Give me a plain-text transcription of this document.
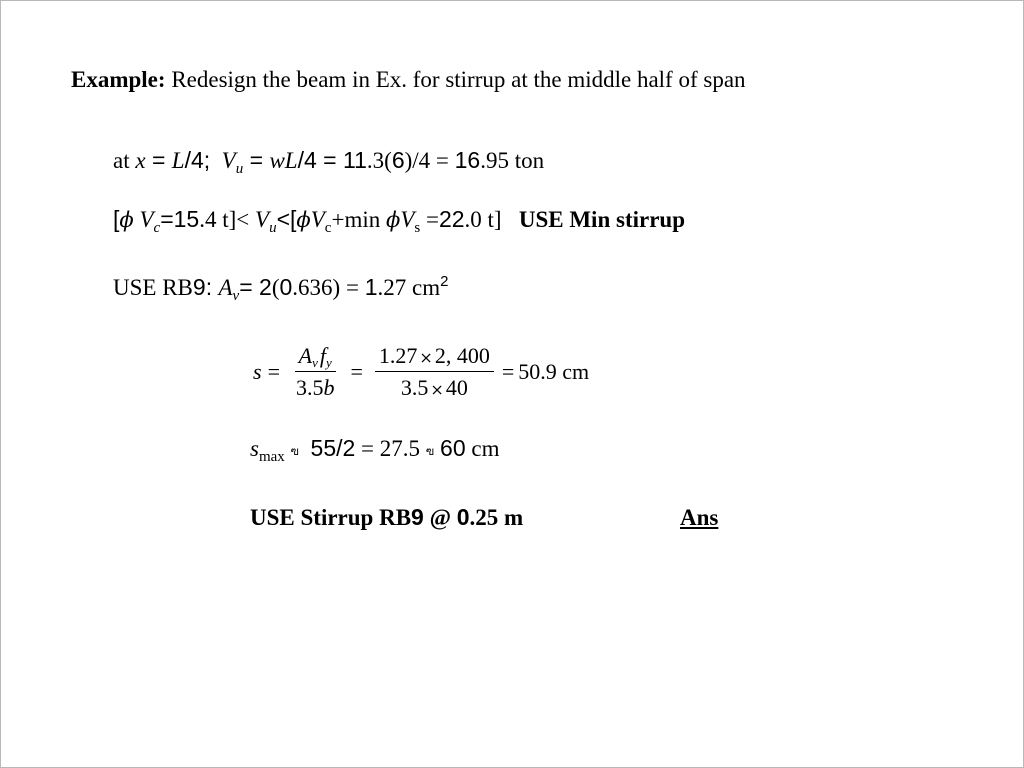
Example: Redesign the beam in Ex. for stirrup at the middle half of span
at x = L/4; $V_u = wL/4 = 11.3(6)/4 = 16.95$ ton
[ϕ $V_c=15.4$ $t]< V_u<[\phi V_c+\min$ $\phi V_s =22.0$ t] USE Min stirrup
USE RB9: $A_v= 2(0.636) = 1.27$ $cm^2$
$s = \frac{\text{Avfy}}{3.5b} = \frac{1.27 \times 2, 400}{3.5 \times 40} = 50.9$ cm
$s_{max}$ ฃ 55/2 = 27.5 ฃ 60 cm
USE Stirrup RB9 @ 0.25 m	Ans
